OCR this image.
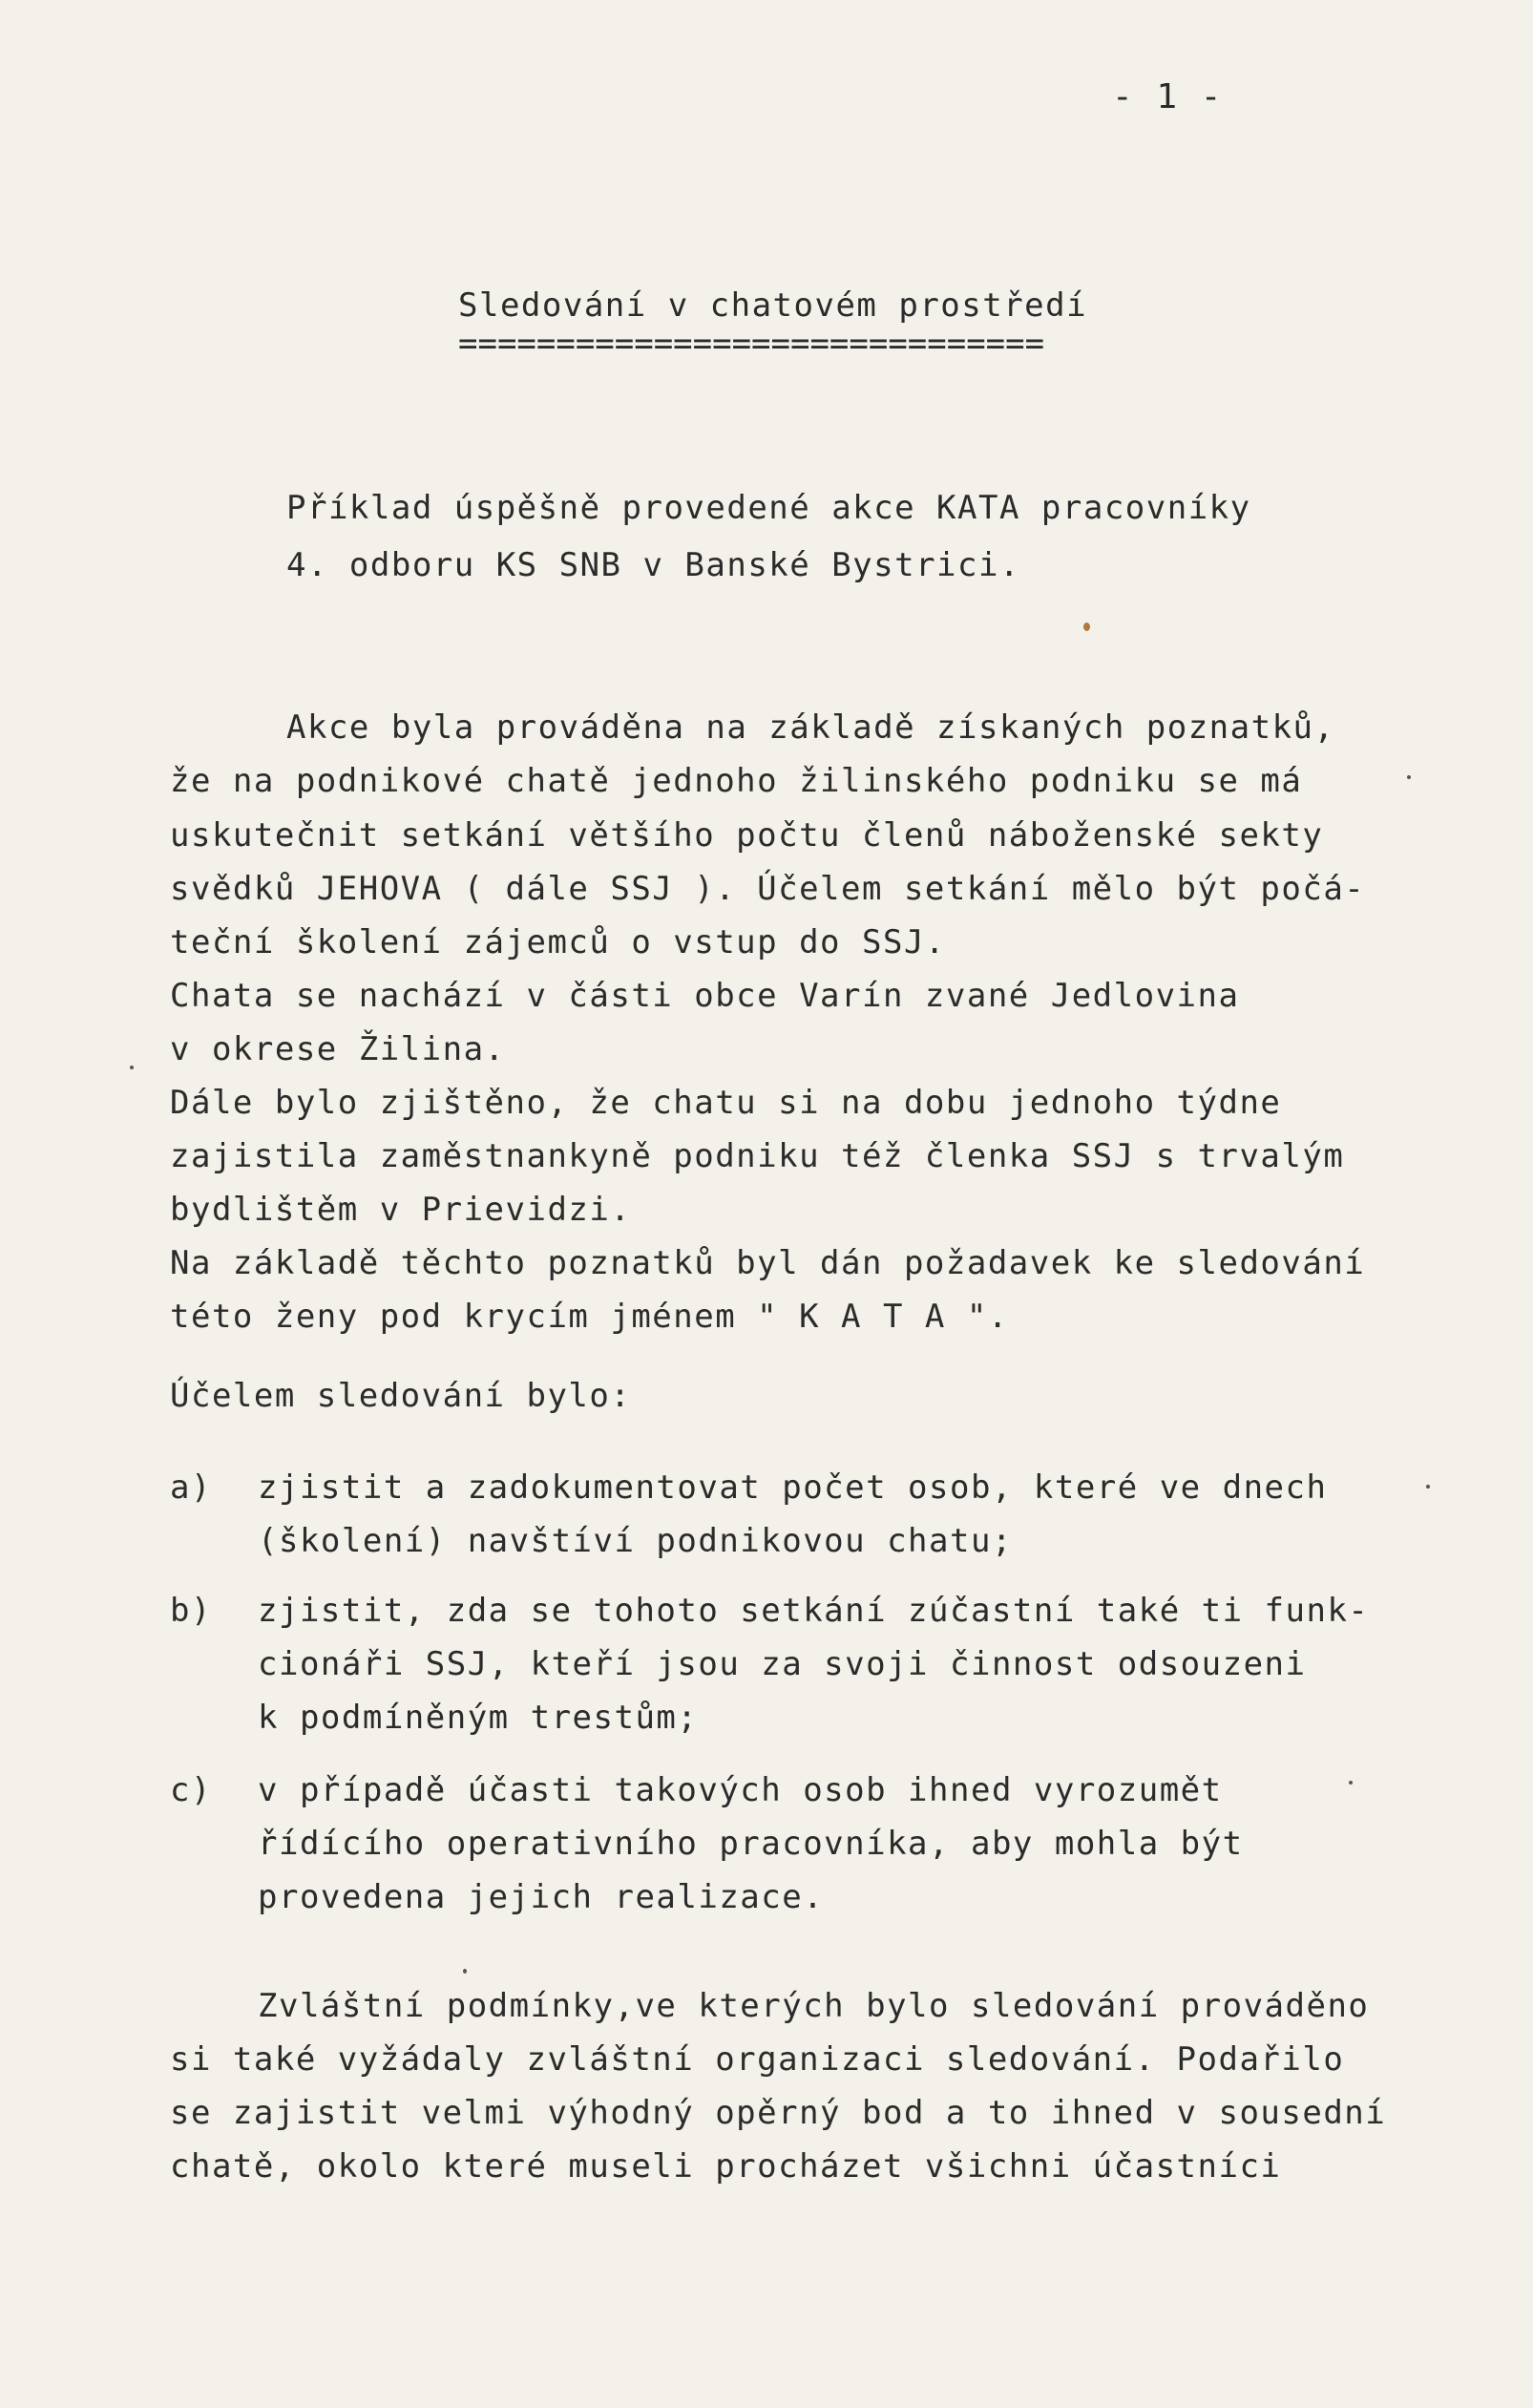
- 1 -
Sledování v chatovém prostředí
==============================
Příklad úspěšně provedené akce KATA pracovníky
4. odboru KS SNB v Banské Bystrici.
Akce byla prováděna na základě získaných poznatků,
že na podnikové chatě jednoho žilinského podniku se má
uskutečnit setkání většího počtu členů náboženské sekty
svědků JEHOVA ( dále SSJ ). Účelem setkání mělo být počá-
teční školení zájemců o vstup do SSJ.
Chata se nachází v části obce Varín zvané Jedlovina
v okrese Žilina.
Dále bylo zjištěno, že chatu si na dobu jednoho týdne
zajistila zaměstnankyně podniku též členka SSJ s trvalým
bydlištěm v Prievidzi.
Na základě těchto poznatků byl dán požadavek ke sledování
této ženy pod krycím jménem " K A T A ".
Účelem sledování bylo:
a) zjistit a zadokumentovat počet osob, které ve dnech
(školení) navštíví podnikovou chatu;
b) zjistit, zda se tohoto setkání zúčastní také ti funk-
cionáři SSJ, kteří jsou za svoji činnost odsouzeni
k podmíněným trestům;
c) v případě účasti takových osob ihned vyrozumět
řídícího operativního pracovníka, aby mohla být
provedena jejich realizace.
Zvláštní podmínky,ve kterých bylo sledování prováděno
si také vyžádaly zvláštní organizaci sledování. Podařilo
se zajistit velmi výhodný opěrný bod a to ihned v sousední
chatě, okolo které museli procházet všichni účastníci
